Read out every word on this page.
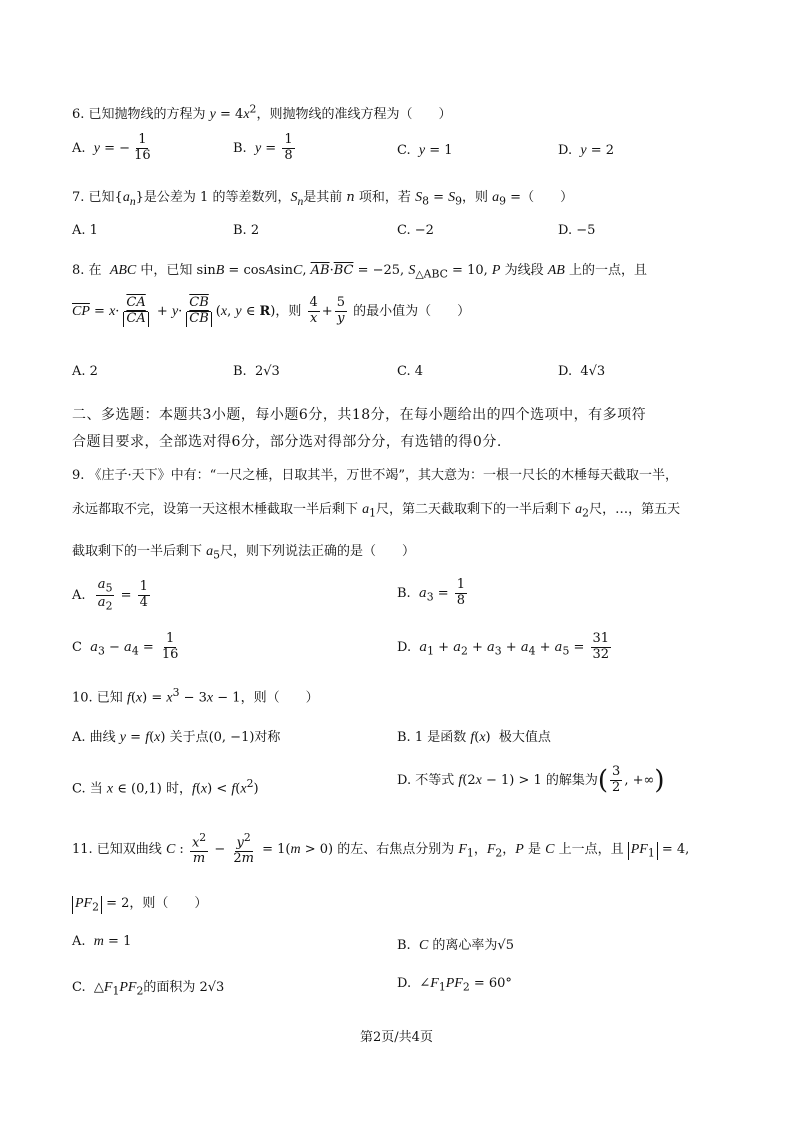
6. 已知抛物线的方程为 $y = 4x^2$，则抛物线的准线方程为（　　）
A.  y = − $\frac{1}{16}$	B.  $y = \frac{1}{8}$	C.  y = 1	D.  y = 2
7. 已知$\{a_n\}$是公差为 1 的等差数列，$S_n$是其前 n 项和，若 $S_8 = S_9$，则 $a_9$ =（　　）
A. 1	B. 2	C. −2	D. −5
8. 在  ABC 中，已知 sinB = cosAsinC, $\overline{AB}\cdot\overline{BC} = -25$, $S_{\triangle ABC} = 10$, P 为线段 AB 上的一点，且
$\overline{CP} = x\cdot \frac{\overline{CA}}{CA} + y\cdot \frac{\overline{CB}}{CB} (x$, y ∈ R)，则 $\frac{4}{x} + \frac{5}{y}$ 的最小值为（　　）
A. 2	B.  2√3	C. 4	D.  4√3
二、多选题：本题共3小题，每小题6分，共18分，在每小题给出的四个选项中，有多项符
合题目要求，全部选对得6分，部分选对得部分分，有选错的得0分.
9. 《庄子·天下》中有：“一尺之棰，日取其半，万世不竭”，其大意为：一根一尺长的木棰每天截取一半，
永远都取不完，设第一天这根木棰截取一半后剩下 $a_1$尺，第二天截取剩下的一半后剩下 $a_2$尺，…，第五天
截取剩下的一半后剩下 $a_5$尺，则下列说法正确的是（　　）
A. $\frac{a_5}{a_2} = \frac{1}{4}$	B.  $a_3 = \frac{1}{8}$
C  $a_3 - a_4 = \frac{1}{16}$	D.  $a_1 + a_2 + a_3 + a_4 + a_5 = \frac{31}{32}$
10. 已知 $f(x) = x^3 - 3x - 1$，则（　　）
A. 曲线 y = f(x) 关于点(0, −1)对称	B. 1 是函数 f(x)  极大值点
C. 当 x ∈ (0,1) 时，$f(x) < f(x^2)$
D. 不等式 f(2x − 1) > 1 的解集为( $\frac{3}{2}$ , +∞)
11. 已知双曲线 C : $\frac{x^2}{m} - \frac{y^2}{2m} = 1(m > 0)$ 的左、右焦点分别为 $F_1$，$F_2$，P 是 C 上一点，且 $PF_1 = 4$,
$PF_2 = 2$，则（　　）
A.  m = 1	B.  C 的离心率为√5
C.  $\triangle F_1PF_2$的面积为 2√3	D.  $\angle F_1PF_2 = 60^\circ$
第2页/共4页
